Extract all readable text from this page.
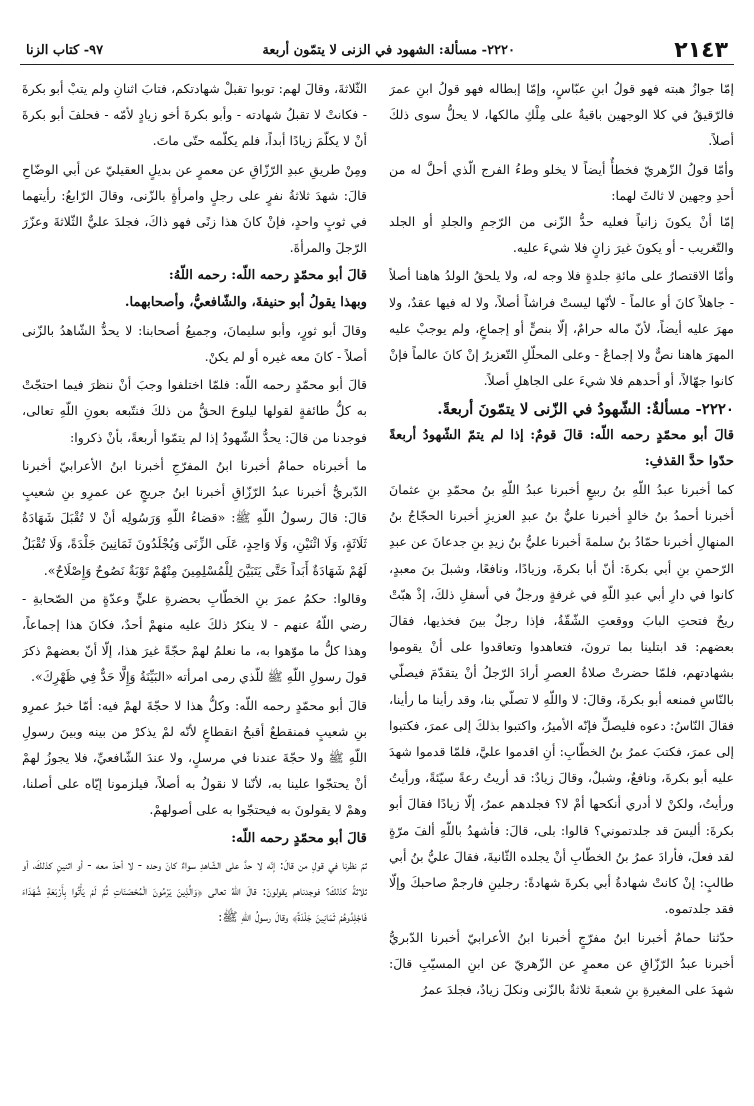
٢١٤٣
٢٢٢٠- مسألة: الشهود في الزنى لا يتمّون أربعة
٩٧- كتاب الزنا

إمّا جوازُ هبته فهو قولُ ابنِ عبّاسٍ، وإمّا إبطاله فهو قولُ ابنِ عمرَ فالرّقيقُ في كلا الوجهين باقيةٌ على مِلْكِ مالكها، لا يحلُّ سوى ذلكَ أصلاً.

وأمّا قولُ الزّهريّ فخطأٌ أيضاً لا يخلو وطءُ الفرج الّذي أحلَّ له من أحدِ وجهين لا ثالثَ لهما:

إمّا أنْ يكونَ زانياً فعليه حدُّ الزّنى من الرّجمِ والجلدِ أو الجلد والتّغريب - أو يكونَ غيرَ زانٍ فلا شيءَ عليه.

وأمّا الاقتصارُ على مائةِ جلدةٍ فلا وجه له، ولا يلحقُ الولدُ هاهنا أصلاً - جاهلاً كانَ أو عالماً - لأنّها ليستْ فراشاً أصلاً، ولا له فيها عقدٌ، ولا مهرَ عليه أيضاً، لأنّ ماله حرامٌ، إلّا بنصٍّ أو إجماعٍ، ولم يوجبْ عليه المهرَ هاهنا نصٌّ ولا إجماعٌ - وعلى المحلّلِ التّعزيرُ إنْ كانَ عالماً فإنْ كانوا جهّالاً، أو أحدهم فلا شيءَ على الجاهلِ أصلاً.

٢٢٢٠- مسألةٌ: الشّهودُ في الزّنى لا يتمّونَ أربعةً.

قالَ أبو محمّدٍ رحمه اللّه: قالَ قومٌ: إذا لم يتمّ الشّهودُ أربعةً حدّوا حدَّ القذفِ:

كما أخبرنا عبدُ اللّهِ بنُ ربيعٍ أخبرنا عبدُ اللّهِ بنُ محمّدِ بنِ عثمانَ أخبرنا أحمدُ بنُ خالدٍ أخبرنا عليُّ بنُ عبدِ العزيزِ أخبرنا الحجّاجُ بنُ المنهالِ أخبرنا حمّادُ بنُ سلمةَ أخبرنا عليُّ بنُ زيدِ بنِ جدعانَ عن عبدِ الرّحمنِ بنِ أبي بكرةَ: أنّ أبا بكرةَ، وزيادًا، ونافعًا، وشبلَ بنَ معبدٍ، كانوا في دارِ أبي عبدِ اللّهِ في غرفةٍ ورجلٌ في أسفلِ ذلكَ، إذْ هبّتْ ريحٌ فتحتِ البابَ ووقعتِ الشّقّةُ، فإذا رجلٌ بينَ فخذيها، فقالَ بعضهم: قد ابتلينا بما ترونَ، فتعاهدوا وتعاقدوا على أنْ يقوموا بشهادتهم، فلمّا حضرتْ صلاةُ العصرِ أرادَ الرّجلُ أنْ يتقدّمَ فيصلّي بالنّاسِ فمنعه أبو بكرةَ، وقالَ: لا واللّهِ لا تصلّي بنا، وقد رأينا ما رأينا، فقالَ النّاسُ: دعوه فليصلِّ فإنّه الأميرُ، واكتبوا بذلكَ إلى عمرَ، فكتبوا إلى عمرَ، فكتبَ عمرُ بنُ الخطّابِ: أنِ اقدموا عليَّ، فلمّا قدموا شهدَ عليه أبو بكرةَ، ونافعٌ، وشبلٌ، وقالَ زيادٌ: قد أريتُ رعةً سيّئةً، ورأيتُ ورأيتُ، ولكنْ لا أدري أنكحها أمْ لا؟ فجلدهم عمرُ، إلّا زيادًا فقالَ أبو بكرةَ: أليسَ قد جلدتموني؟ قالوا: بلى، قالَ: فأشهدُ باللّهِ ألفَ مرّةٍ لقد فعلَ، فأرادَ عمرُ بنُ الخطّابِ أنْ يجلده الثّانيةَ، فقالَ عليُّ بنُ أبي طالبٍ: إنْ كانتْ شهادةُ أبي بكرةَ شهادةً: رجلينِ فارجمْ صاحبكَ وإلّا فقد جلدتموه.

حدّثنا حمامٌ أخبرنا ابنُ مفرّجٍ أخبرنا ابنُ الأعرابيّ أخبرنا الدّبريُّ أخبرنا عبدُ الرّزّاقِ عن معمرٍ عن الزّهريّ عن ابنِ المسيّبِ قالَ: شهدَ على المغيرةِ بنِ شعبةَ ثلاثةٌ بالزّنى ونكلَ زيادٌ، فجلدَ عمرُ

الثّلاثةَ، وقالَ لهم: توبوا تقبلْ شهادتكم، فتابَ اثنانِ ولم يتبْ أبو بكرةَ - فكانتْ لا تقبلُ شهادته - وأبو بكرةَ أخو زيادٍ لأمّه - فحلفَ أبو بكرةَ أنْ لا يكلّمَ زيادًا أبداً، فلم يكلّمه حتّى ماتَ.

ومِنْ طريقِ عبدِ الرّزّاقِ عن معمرٍ عن بديلٍ العقيليّ عن أبي الوضّاحِ قالَ: شهدَ ثلاثةُ نفرٍ على رجلٍ وامرأةٍ بالزّنى، وقالَ الرّابعُ: رأيتهما في ثوبٍ واحدٍ، فإنْ كانَ هذا زنًى فهو ذاكَ، فجلدَ عليٌّ الثّلاثةَ وعزّرَ الرّجلَ والمرأةَ.

قالَ أبو محمّدٍ رحمه اللّه: رحمه اللّهُ:

وبهذا يقولُ أبو حنيفةَ، والشّافعيُّ، وأصحابهما.

وقالَ أبو ثورٍ، وأبو سليمانَ، وجميعُ أصحابنا: لا يحدُّ الشّاهدُ بالزّنى أصلاً - كانَ معه غيره أو لم يكنْ.

قالَ أبو محمّدٍ رحمه اللّه: فلمّا اختلفوا وجبَ أنْ ننظرَ فيما احتجّتْ به كلُّ طائفةٍ لقولها ليلوحَ الحقُّ من ذلكَ فنتّبعه بعونِ اللّهِ تعالى، فوجدنا من قالَ: يحدُّ الشّهودُ إذا لم يتمّوا أربعةً، بأنْ ذكروا:

ما أخبرناه حمامٌ أخبرنا ابنُ المفرّجِ أخبرنا ابنُ الأعرابيّ أخبرنا الدّبريُّ أخبرنا عبدُ الرّزّاقِ أخبرنا ابنُ جريجٍ عن عمرِو بنِ شعيبٍ قالَ: قالَ رسولُ اللّهِ ﷺ: «قضاءُ اللّهِ وَرَسُولِه أنْ لا تُقْبَلَ شَهَادَةُ ثَلَاثَةٍ، وَلَا اثْنَيْنِ، وَلَا وَاحِدٍ، عَلَى الزِّنَى وَيُجْلَدُونَ ثَمَانِينَ جَلْدَةً، وَلَا تُقْبَلُ لَهُمْ شَهَادَةٌ أَبَداً حَتَّى يَتَبَيَّنَ لِلْمُسْلِمِينَ مِنْهُمْ تَوْبَةٌ نَصُوحٌ وَإِصْلَاحٌ».

وقالوا: حكمُ عمرَ بنِ الخطّابِ بحضرةِ عليٍّ وعدّةٍ من الصّحابةِ - رضي اللّهُ عنهم - لا ينكرُ ذلكَ عليه منهمْ أحدٌ، فكانَ هذا إجماعاً، وهذا كلُّ ما موّهوا به، ما نعلمُ لهمْ حجّةً غيرَ هذا، إلّا أنّ بعضهمْ ذكرَ قولَ رسولِ اللّهِ ﷺ للّذي رمى امرأته «البَيِّنَةُ وَإِلَّا حَدٌّ فِي ظَهْرِكَ».

قالَ أبو محمّدٍ رحمه اللّه: وكلُّ هذا لا حجّةَ لهمْ فيه: أمّا خبرُ عمرِو بنِ شعيبٍ فمنقطعٌ أقبحُ انقطاعٍ لأنّه لمْ يذكرْ من بينه وبينَ رسولِ اللّهِ ﷺ ولا حجّةَ عندنا في مرسلٍ، ولا عندَ الشّافعيِّ، فلا يجوزُ لهمْ أنْ يحتجّوا علينا به، لأنّنا لا نقولُ به أصلاً، فيلزمونا إيّاه على أصلنا، وهمْ لا يقولونَ به فيحتجّوا به على أصولهمْ.

قالَ أبو محمّدٍ رحمه اللّه:

ثمّ نظرنا في قولِ من قالَ: إنّه لا حدَّ على الشّاهدِ سواءٌ كانَ وحده - لا أحدَ معه - أو اثنينِ كذلكَ، أو ثلاثةً كذلكَ؟ فوجدناهم يقولونَ: قالَ اللّهُ تعالى ﴿وَالَّذِينَ يَرْمُونَ الْمُحْصَنَاتِ ثُمَّ لَمْ يَأْتُوا بِأَرْبَعَةِ شُهَدَاءَ فَاجْلِدُوهُمْ ثَمَانِينَ جَلْدَةً﴾ وقالَ رسولُ اللّهِ ﷺ:
